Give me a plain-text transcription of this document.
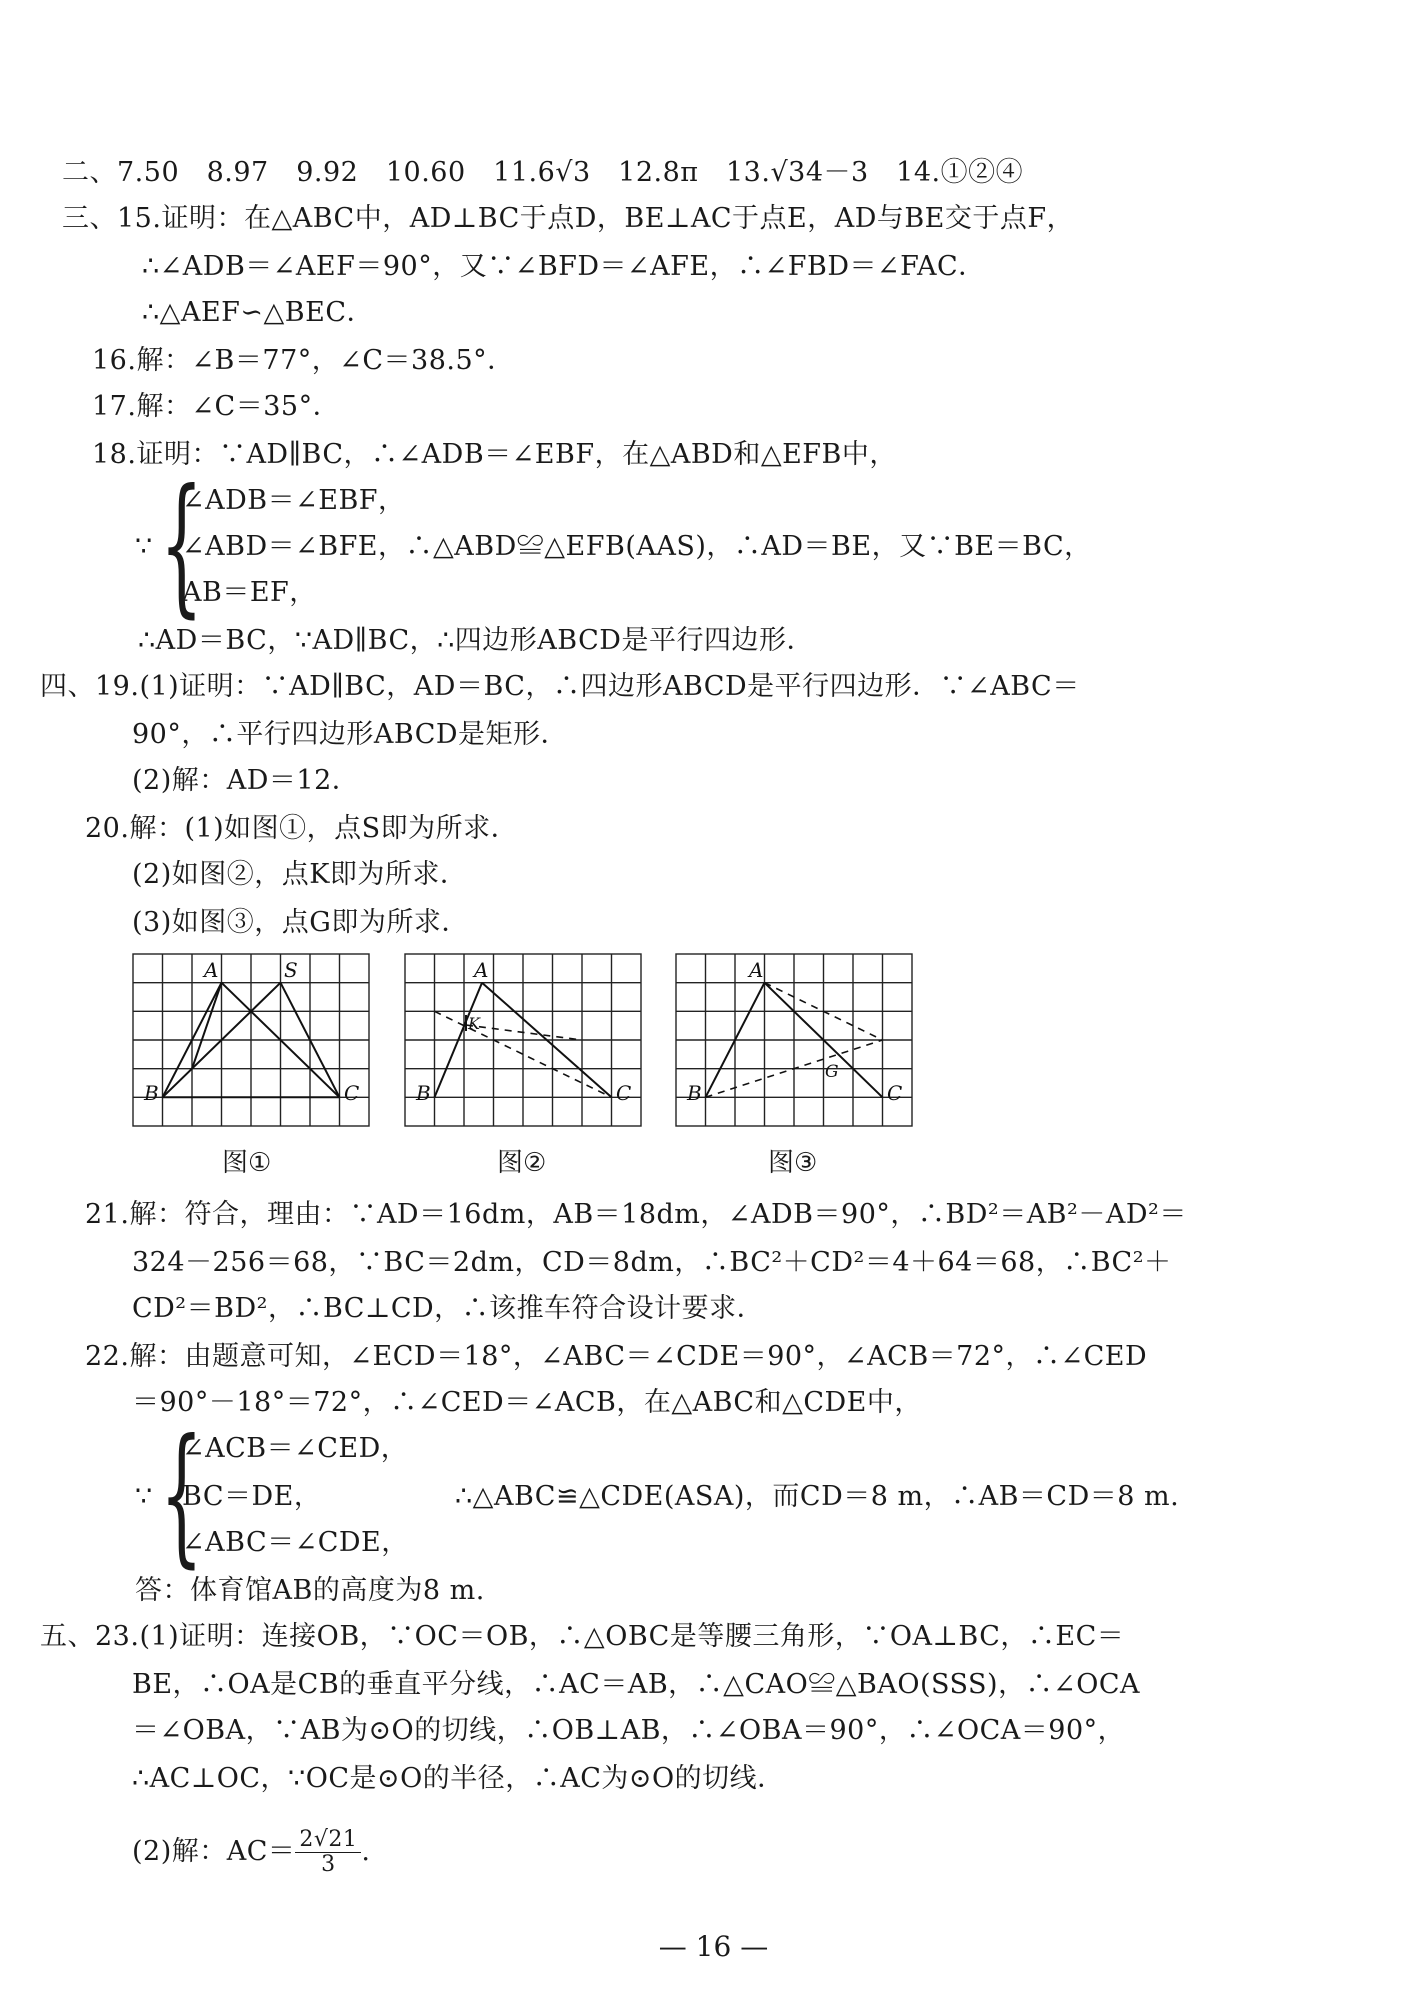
二、7.50　8.97　9.92　10.60　11.6√3　12.8π　13.√34－3　14.①②④
三、15.证明：在△ABC中，AD⊥BC于点D，BE⊥AC于点E，AD与BE交于点F，
∴∠ADB＝∠AEF＝90°，又∵∠BFD＝∠AFE，∴∠FBD＝∠FAC．
∴△AEF∽△BEC．
16.解：∠B＝77°，∠C＝38.5°．
17.解：∠C＝35°．
18.证明：∵AD∥BC，∴∠ADB＝∠EBF，在△ABD和△EFB中，
{
∠ADB＝∠EBF，
∵ ∠ABD＝∠BFE，∴△ABD≌△EFB(AAS)，∴AD＝BE，又∵BE＝BC，
AB＝EF，
∴AD＝BC，∵AD∥BC，∴四边形ABCD是平行四边形．
四、19.(1)证明：∵AD∥BC，AD＝BC，∴四边形ABCD是平行四边形．∵∠ABC＝
90°，∴平行四边形ABCD是矩形．
(2)解：AD＝12．
20.解：(1)如图①，点S即为所求．
(2)如图②，点K即为所求．
(3)如图③，点G即为所求．
A	S
B	C
图①
A
K
B	C
图②
A
G
B	C
图③
21.解：符合，理由：∵AD＝16dm，AB＝18dm，∠ADB＝90°，∴BD²＝AB²－AD²＝
324－256＝68，∵BC＝2dm，CD＝8dm，∴BC²＋CD²＝4＋64＝68，∴BC²＋
CD²＝BD²，∴BC⊥CD，∴该推车符合设计要求．
22.解：由题意可知，∠ECD＝18°，∠ABC＝∠CDE＝90°，∠ACB＝72°，∴∠CED
＝90°－18°＝72°，∴∠CED＝∠ACB，在△ABC和△CDE中，
{
∠ACB＝∠CED，
∵ BC＝DE，	∴△ABC≌△CDE(ASA)，而CD＝8 m，∴AB＝CD＝8 m.
∠ABC＝∠CDE，
答：体育馆AB的高度为8 m.
五、23.(1)证明：连接OB，∵OC＝OB，∴△OBC是等腰三角形，∵OA⊥BC，∴EC＝
BE，∴OA是CB的垂直平分线，∴AC＝AB，∴△CAO≌△BAO(SSS)，∴∠OCA
＝∠OBA，∵AB为⊙O的切线，∴OB⊥AB，∴∠OBA＝90°，∴∠OCA＝90°，
∴AC⊥OC，∵OC是⊙O的半径，∴AC为⊙O的切线．
(2)解：$AC= \frac{2√21}{3}$ .
— 16 —
